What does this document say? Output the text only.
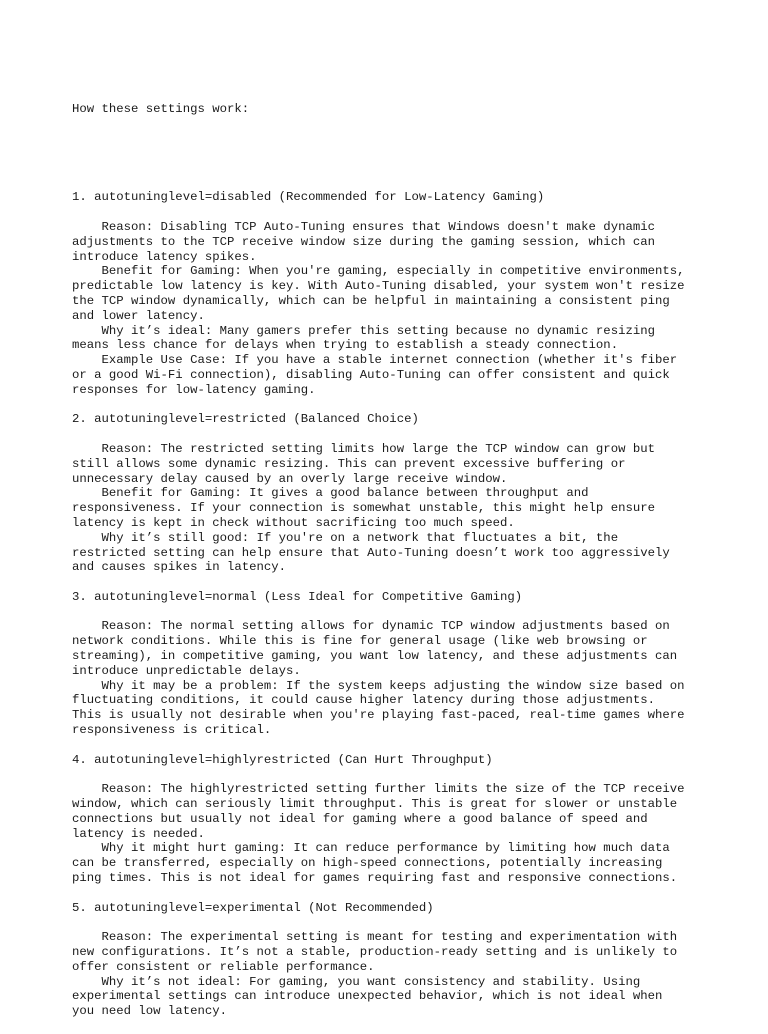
How these settings work:

1. autotuninglevel=disabled (Recommended for Low-Latency Gaming)
Reason: Disabling TCP Auto-Tuning ensures that Windows doesn't make dynamic
adjustments to the TCP receive window size during the gaming session, which can
introduce latency spikes.
Benefit for Gaming: When you're gaming, especially in competitive environments,
predictable low latency is key. With Auto-Tuning disabled, your system won't resize
the TCP window dynamically, which can be helpful in maintaining a consistent ping
and lower latency.
Why it’s ideal: Many gamers prefer this setting because no dynamic resizing
means less chance for delays when trying to establish a steady connection.
Example Use Case: If you have a stable internet connection (whether it's fiber
or a good Wi-Fi connection), disabling Auto-Tuning can offer consistent and quick
responses for low-latency gaming.
2. autotuninglevel=restricted (Balanced Choice)
Reason: The restricted setting limits how large the TCP window can grow but
still allows some dynamic resizing. This can prevent excessive buffering or
unnecessary delay caused by an overly large receive window.
Benefit for Gaming: It gives a good balance between throughput and
responsiveness. If your connection is somewhat unstable, this might help ensure
latency is kept in check without sacrificing too much speed.
Why it’s still good: If you're on a network that fluctuates a bit, the
restricted setting can help ensure that Auto-Tuning doesn’t work too aggressively
and causes spikes in latency.
3. autotuninglevel=normal (Less Ideal for Competitive Gaming)
Reason: The normal setting allows for dynamic TCP window adjustments based on
network conditions. While this is fine for general usage (like web browsing or
streaming), in competitive gaming, you want low latency, and these adjustments can
introduce unpredictable delays.
Why it may be a problem: If the system keeps adjusting the window size based on
fluctuating conditions, it could cause higher latency during those adjustments.
This is usually not desirable when you're playing fast-paced, real-time games where
responsiveness is critical.
4. autotuninglevel=highlyrestricted (Can Hurt Throughput)
Reason: The highlyrestricted setting further limits the size of the TCP receive
window, which can seriously limit throughput. This is great for slower or unstable
connections but usually not ideal for gaming where a good balance of speed and
latency is needed.
Why it might hurt gaming: It can reduce performance by limiting how much data
can be transferred, especially on high-speed connections, potentially increasing
ping times. This is not ideal for games requiring fast and responsive connections.
5. autotuninglevel=experimental (Not Recommended)
Reason: The experimental setting is meant for testing and experimentation with
new configurations. It’s not a stable, production-ready setting and is unlikely to
offer consistent or reliable performance.
Why it’s not ideal: For gaming, you want consistency and stability. Using
experimental settings can introduce unexpected behavior, which is not ideal when
you need low latency.
